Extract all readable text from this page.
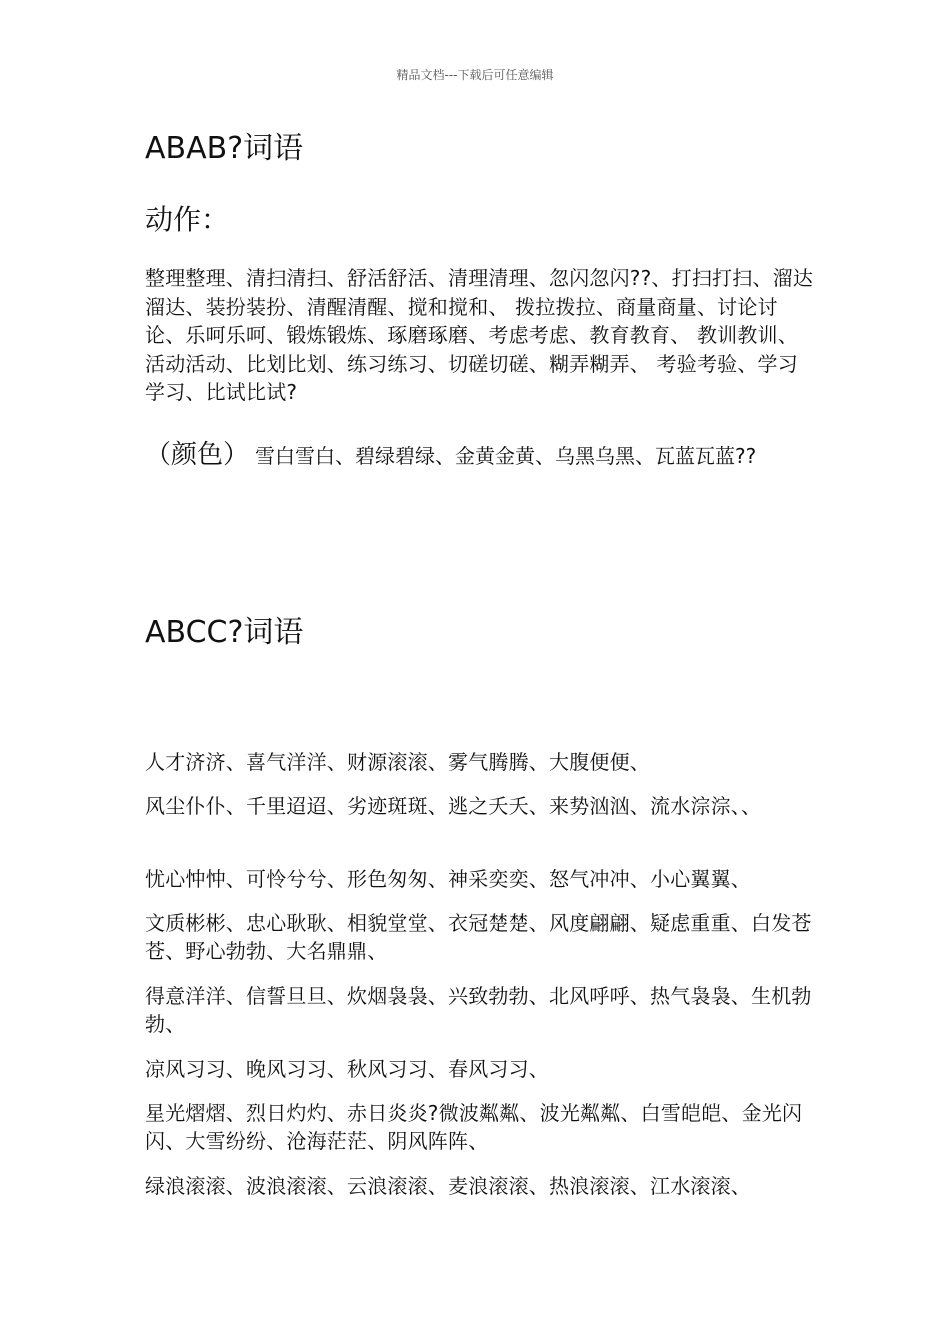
精品文档---下载后可任意编辑
ABAB?词语
动作：
整理整理、清扫清扫、舒活舒活、清理清理、忽闪忽闪??、打扫打扫、溜达溜达、装扮装扮、清醒清醒、搅和搅和、 拨拉拨拉、商量商量、讨论讨论、乐呵乐呵、锻炼锻炼、琢磨琢磨、考虑考虑、教育教育、 教训教训、活动活动、比划比划、练习练习、切磋切磋、糊弄糊弄、 考验考验、学习学习、比试比试?
（颜色） 雪白雪白、碧绿碧绿、金黄金黄、乌黑乌黑、瓦蓝瓦蓝??
ABCC?词语
人才济济、喜气洋洋、财源滚滚、雾气腾腾、大腹便便、
风尘仆仆、千里迢迢、劣迹斑斑、逃之夭夭、来势汹汹、流水淙淙、、
忧心忡忡、可怜兮兮、形色匆匆、神采奕奕、怒气冲冲、小心翼翼、
文质彬彬、忠心耿耿、相貌堂堂、衣冠楚楚、风度翩翩、疑虑重重、白发苍苍、野心勃勃、大名鼎鼎、
得意洋洋、信誓旦旦、炊烟袅袅、兴致勃勃、北风呼呼、热气袅袅、生机勃勃、
凉风习习、晚风习习、秋风习习、春风习习、
星光熠熠、烈日灼灼、赤日炎炎?微波粼粼、波光粼粼、白雪皑皑、金光闪闪、大雪纷纷、沧海茫茫、阴风阵阵、
绿浪滚滚、波浪滚滚、云浪滚滚、麦浪滚滚、热浪滚滚、江水滚滚、
